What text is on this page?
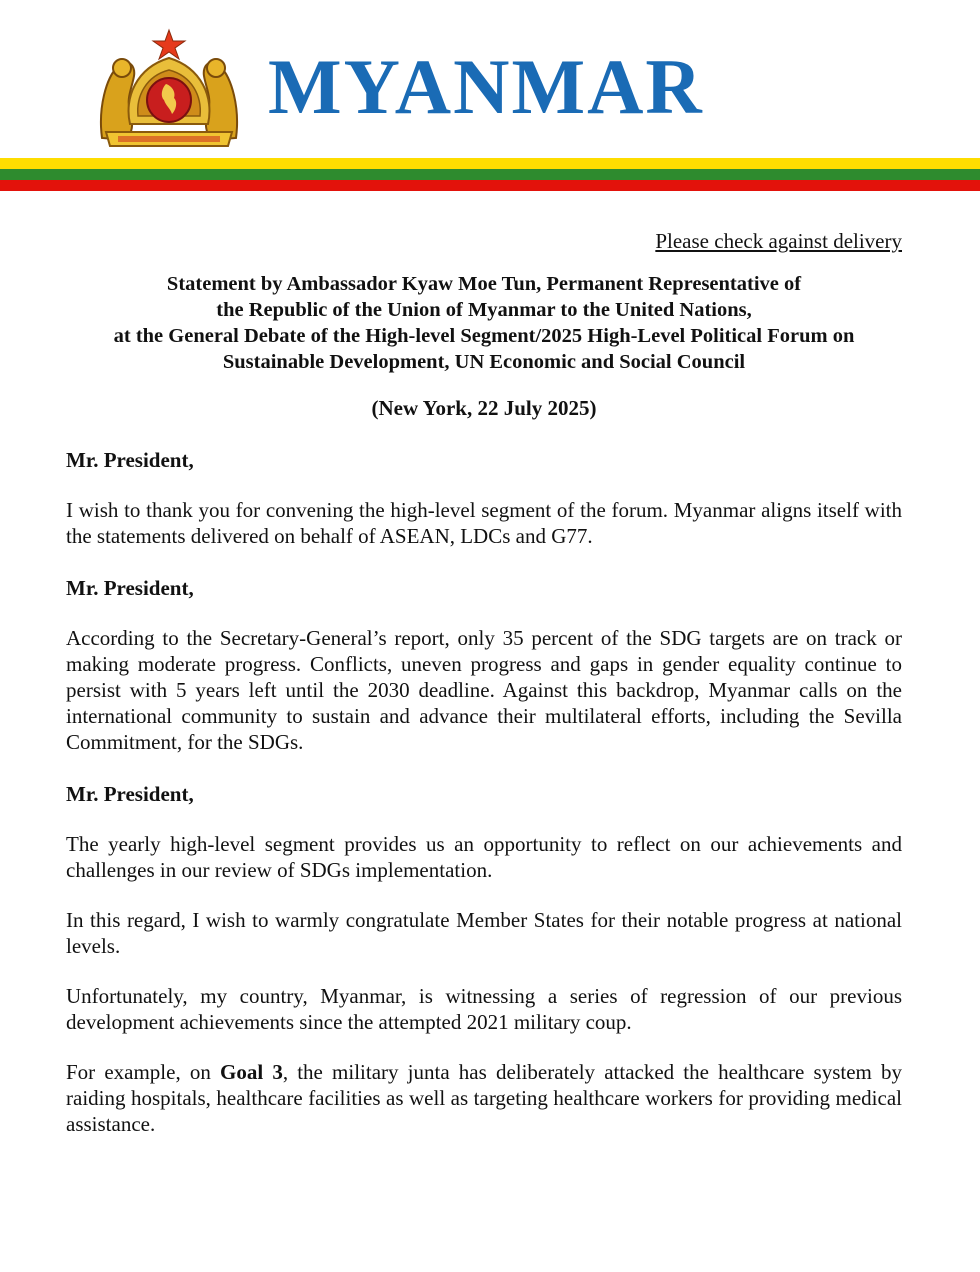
MYANMAR
Please check against delivery
Statement by Ambassador Kyaw Moe Tun, Permanent Representative of
the Republic of the Union of Myanmar to the United Nations,
at the General Debate of the High-level Segment/2025 High-Level Political Forum on
Sustainable Development, UN Economic and Social Council
(New York, 22 July 2025)
Mr. President,

I wish to thank you for convening the high-level segment of the forum. Myanmar aligns itself with the statements delivered on behalf of ASEAN, LDCs and G77.

Mr. President,

According to the Secretary-General’s report, only 35 percent of the SDG targets are on track or making moderate progress. Conflicts, uneven progress and gaps in gender equality continue to persist with 5 years left until the 2030 deadline. Against this backdrop, Myanmar calls on the international community to sustain and advance their multilateral efforts, including the Sevilla Commitment, for the SDGs.

Mr. President,

The yearly high-level segment provides us an opportunity to reflect on our achievements and challenges in our review of SDGs implementation.

In this regard, I wish to warmly congratulate Member States for their notable progress at national levels.

Unfortunately, my country, Myanmar, is witnessing a series of regression of our previous development achievements since the attempted 2021 military coup.

For example, on Goal 3, the military junta has deliberately attacked the healthcare system by raiding hospitals, healthcare facilities as well as targeting healthcare workers for providing medical assistance.
